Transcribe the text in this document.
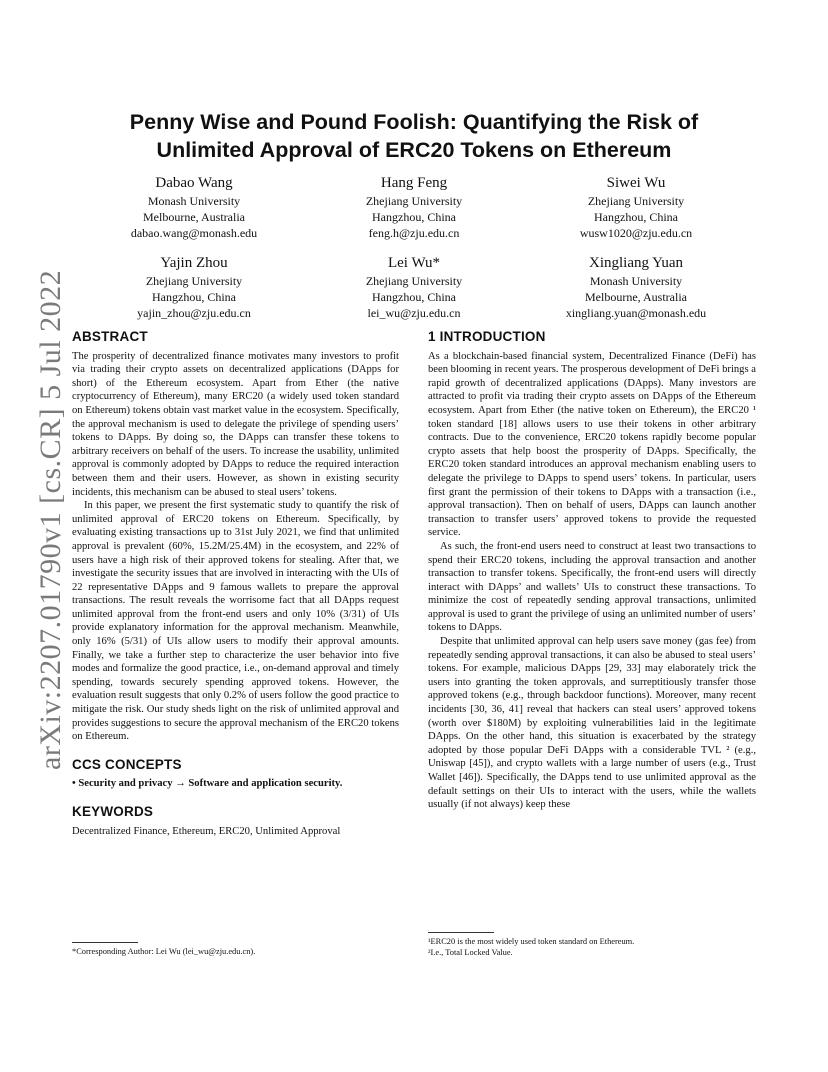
arXiv:2207.01790v1 [cs.CR] 5 Jul 2022
Penny Wise and Pound Foolish: Quantifying the Risk of
Unlimited Approval of ERC20 Tokens on Ethereum
Dabao Wang
Monash University
Melbourne, Australia
dabao.wang@monash.edu
Hang Feng
Zhejiang University
Hangzhou, China
feng.h@zju.edu.cn
Siwei Wu
Zhejiang University
Hangzhou, China
wusw1020@zju.edu.cn
Yajin Zhou
Zhejiang University
Hangzhou, China
yajin_zhou@zju.edu.cn
Lei Wu*
Zhejiang University
Hangzhou, China
lei_wu@zju.edu.cn
Xingliang Yuan
Monash University
Melbourne, Australia
xingliang.yuan@monash.edu
ABSTRACT

The prosperity of decentralized finance motivates many investors to profit via trading their crypto assets on decentralized applications (DApps for short) of the Ethereum ecosystem. Apart from Ether (the native cryptocurrency of Ethereum), many ERC20 (a widely used token standard on Ethereum) tokens obtain vast market value in the ecosystem. Specifically, the approval mechanism is used to delegate the privilege of spending users’ tokens to DApps. By doing so, the DApps can transfer these tokens to arbitrary receivers on behalf of the users. To increase the usability, unlimited approval is commonly adopted by DApps to reduce the required interaction between them and their users. However, as shown in existing security incidents, this mechanism can be abused to steal users’ tokens.

In this paper, we present the first systematic study to quantify the risk of unlimited approval of ERC20 tokens on Ethereum. Specifically, by evaluating existing transactions up to 31st July 2021, we find that unlimited approval is prevalent (60%, 15.2M/25.4M) in the ecosystem, and 22% of users have a high risk of their approved tokens for stealing. After that, we investigate the security issues that are involved in interacting with the UIs of 22 representative DApps and 9 famous wallets to prepare the approval transactions. The result reveals the worrisome fact that all DApps request unlimited approval from the front-end users and only 10% (3/31) of UIs provide explanatory information for the approval mechanism. Meanwhile, only 16% (5/31) of UIs allow users to modify their approval amounts. Finally, we take a further step to characterize the user behavior into five modes and formalize the good practice, i.e., on-demand approval and timely spending, towards securely spending approved tokens. However, the evaluation result suggests that only 0.2% of users follow the good practice to mitigate the risk. Our study sheds light on the risk of unlimited approval and provides suggestions to secure the approval mechanism of the ERC20 tokens on Ethereum.

CCS CONCEPTS

• Security and privacy → Software and application security.

KEYWORDS

Decentralized Finance, Ethereum, ERC20, Unlimited Approval

1 INTRODUCTION

As a blockchain-based financial system, Decentralized Finance (DeFi) has been blooming in recent years. The prosperous development of DeFi brings a rapid growth of decentralized applications (DApps). Many investors are attracted to profit via trading their crypto assets on DApps of the Ethereum ecosystem. Apart from Ether (the native token on Ethereum), the ERC20 ¹ token standard [18] allows users to use their tokens in other arbitrary contracts. Due to the convenience, ERC20 tokens rapidly become popular crypto assets that help boost the prosperity of DApps. Specifically, the ERC20 token standard introduces an approval mechanism enabling users to delegate the privilege to DApps to spend users’ tokens. In particular, users first grant the permission of their tokens to DApps with a transaction (i.e., approval transaction). Then on behalf of users, DApps can launch another transaction to transfer users’ approved tokens to provide the requested service.

As such, the front-end users need to construct at least two transactions to spend their ERC20 tokens, including the approval transaction and another transaction to transfer tokens. Specifically, the front-end users will directly interact with DApps’ and wallets’ UIs to construct these transactions. To minimize the cost of repeatedly sending approval transactions, unlimited approval is used to grant the privilege of using an unlimited number of users’ tokens to DApps.

Despite that unlimited approval can help users save money (gas fee) from repeatedly sending approval transactions, it can also be abused to steal users’ tokens. For example, malicious DApps [29, 33] may elaborately trick the users into granting the token approvals, and surreptitiously transfer those approved tokens (e.g., through backdoor functions). Moreover, many recent incidents [30, 36, 41] reveal that hackers can steal users’ approved tokens (worth over $180M) by exploiting vulnerabilities laid in the legitimate DApps. On the other hand, this situation is exacerbated by the strategy adopted by those popular DeFi DApps with a considerable TVL ² (e.g., Uniswap [45]), and crypto wallets with a large number of users (e.g., Trust Wallet [46]). Specifically, the DApps tend to use unlimited approval as the default settings on their UIs to interact with the users, while the wallets usually (if not always) keep these

*Corresponding Author: Lei Wu (lei_wu@zju.edu.cn).
¹ERC20 is the most widely used token standard on Ethereum.
²I.e., Total Locked Value.
